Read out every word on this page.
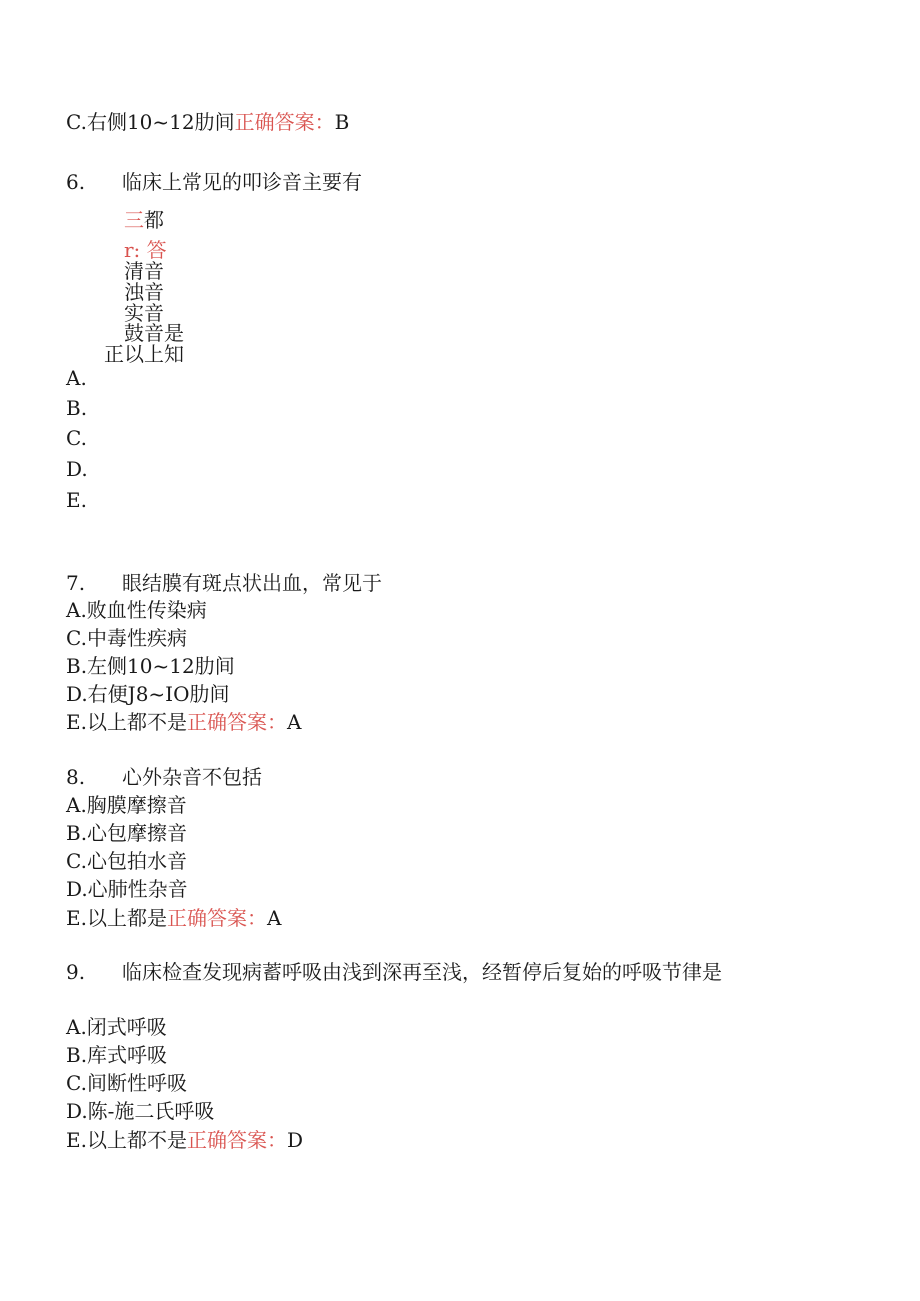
C.右侧10~12肋间正确答案：B
6. 临床上常见的叩诊音主要有
三都
r: 答
清音
浊音
实音
鼓音是
正以上知
A.
B.
C.
D.
E.
7. 眼结膜有斑点状出血，常见于
A.败血性传染病
C.中毒性疾病
B.左侧10~12肋间
D.右便J8~IO肋间
E.以上都不是正确答案：A
8. 心外杂音不包括
A.胸膜摩擦音
B.心包摩擦音
C.心包拍水音
D.心肺性杂音
E.以上都是正确答案：A
9. 临床检查发现病蓄呼吸由浅到深再至浅，经暂停后复始的呼吸节律是
A.闭式呼吸
B.库式呼吸
C.间断性呼吸
D.陈-施二氏呼吸
E.以上都不是正确答案：D
